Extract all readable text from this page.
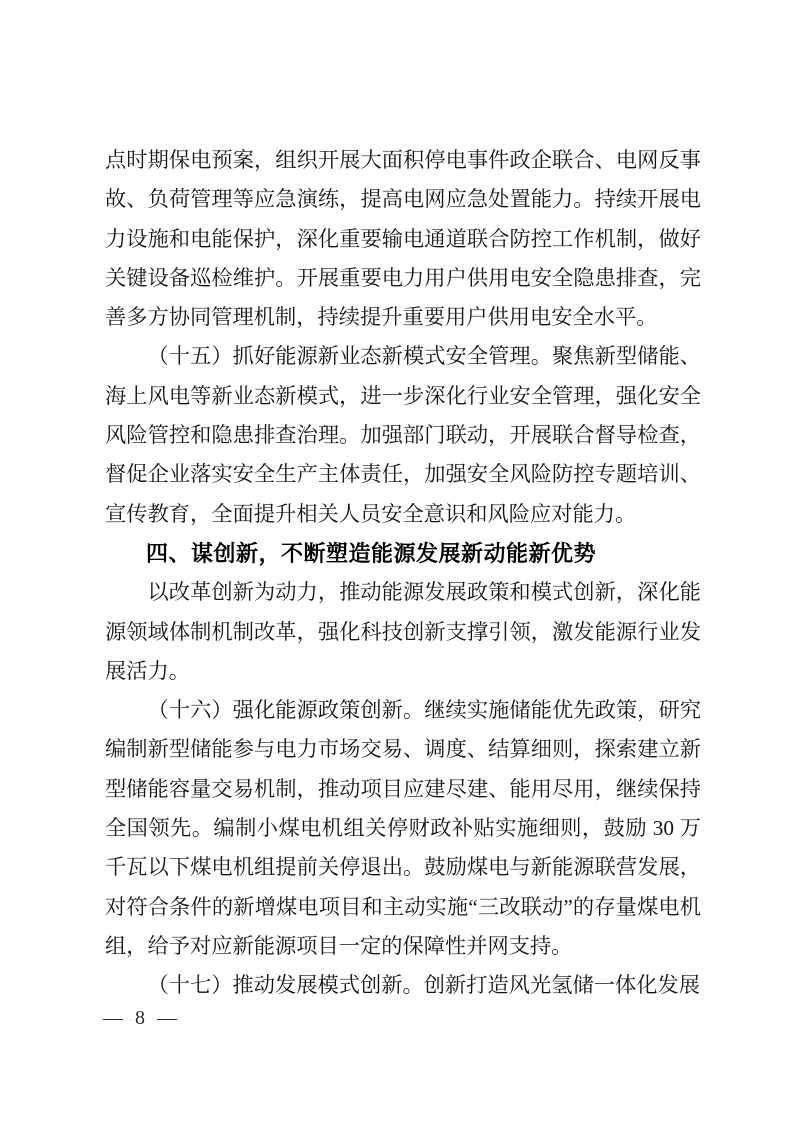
点时期保电预案，组织开展大面积停电事件政企联合、电网反事故、负荷管理等应急演练，提高电网应急处置能力。持续开展电力设施和电能保护，深化重要输电通道联合防控工作机制，做好关键设备巡检维护。开展重要电力用户供用电安全隐患排查，完善多方协同管理机制，持续提升重要用户供用电安全水平。

（十五）抓好能源新业态新模式安全管理。聚焦新型储能、海上风电等新业态新模式，进一步深化行业安全管理，强化安全风险管控和隐患排查治理。加强部门联动，开展联合督导检查，督促企业落实安全生产主体责任，加强安全风险防控专题培训、宣传教育，全面提升相关人员安全意识和风险应对能力。

四、谋创新，不断塑造能源发展新动能新优势

以改革创新为动力，推动能源发展政策和模式创新，深化能源领域体制机制改革，强化科技创新支撑引领，激发能源行业发展活力。

（十六）强化能源政策创新。继续实施储能优先政策，研究编制新型储能参与电力市场交易、调度、结算细则，探索建立新型储能容量交易机制，推动项目应建尽建、能用尽用，继续保持全国领先。编制小煤电机组关停财政补贴实施细则，鼓励 30 万千瓦以下煤电机组提前关停退出。鼓励煤电与新能源联营发展，对符合条件的新增煤电项目和主动实施“三改联动”的存量煤电机组，给予对应新能源项目一定的保障性并网支持。

（十七）推动发展模式创新。创新打造风光氢储一体化发展

— 8 —
